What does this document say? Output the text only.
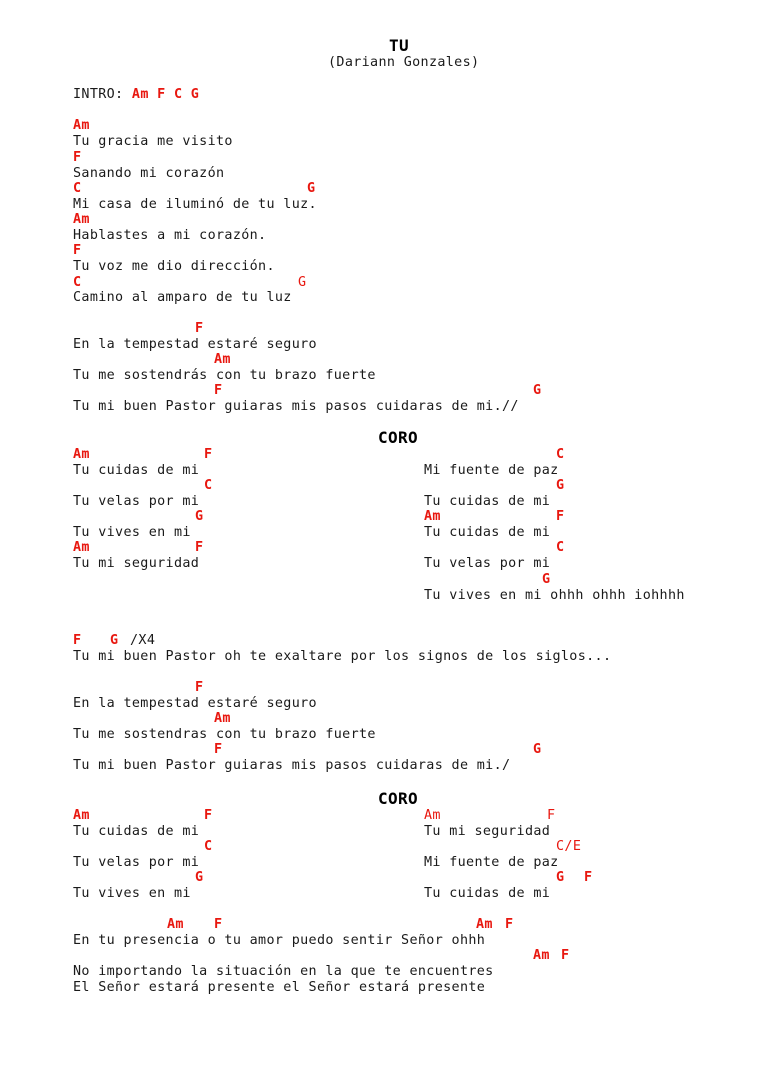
TU
(Dariann Gonzales)
INTRO: Am F C G
CORO
CORO
Am
Tu gracia me visito
F
Sanando mi corazón
C	G
Mi casa de iluminó de tu luz.
Am
Hablastes a mi corazón.
F
Tu voz me dio dirección.
C	G
Camino al amparo de tu luz
F
En la tempestad estaré seguro
Am
Tu me sostendrás con tu brazo fuerte
F	G
Tu mi buen Pastor guiaras mis pasos cuidaras de mi.//
Am	F
Tu cuidas de mi
C
Tu velas por mi
G
Tu vives en mi
Am	F
Tu mi seguridad
C
Mi fuente de paz
G
Tu cuidas de mi
Am	F
Tu cuidas de mi
C
Tu velas por mi
G
Tu vives en mi ohhh ohhh iohhhh
F G /X4
Tu mi buen Pastor oh te exaltare por los signos de los siglos...
F
En la tempestad estaré seguro
Am
Tu me sostendras con tu brazo fuerte
F	G
Tu mi buen Pastor guiaras mis pasos cuidaras de mi./
Am	F
Tu cuidas de mi
C
Tu velas por mi
G
Tu vives en mi
Am	F
Tu mi seguridad
C/E
Mi fuente de paz
G F
Tu cuidas de mi
Am F	Am F
En tu presencia o tu amor puedo sentir Señor ohhh
Am F
No importando la situación en la que te encuentres
El Señor estará presente el Señor estará presente
